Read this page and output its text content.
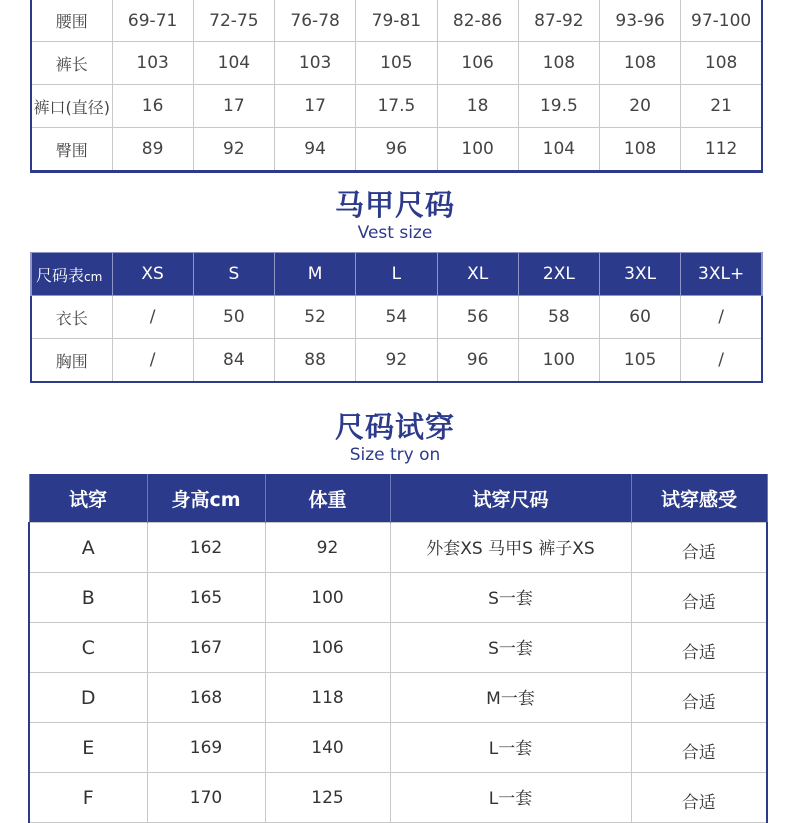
腰围	69-71	72-75	76-78	79-81	82-86	87-92	93-96	97-100
裤长	103	104	103	105	106	108	108	108
裤口(直径)	16	17	17	17.5	18	19.5	20	21
臀围	89	92	94	96	100	104	108	112
马甲尺码
Vest size
尺码表cm	XS	S	M	L	XL	2XL	3XL	3XL+
衣长	/	50	52	54	56	58	60	/
胸围	/	84	88	92	96	100	105	/
尺码试穿
Size try on
试穿	身高cm	体重	试穿尺码	试穿感受
A	162	92	外套XS 马甲S 裤子XS	合适
B	165	100	S一套	合适
C	167	106	S一套	合适
D	168	118	M一套	合适
E	169	140	L一套	合适
F	170	125	L一套	合适
